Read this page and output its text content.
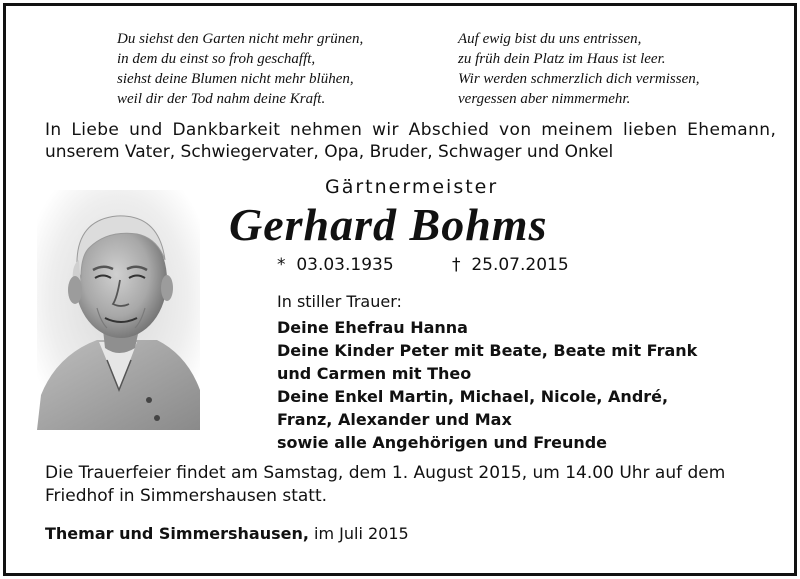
Du siehst den Garten nicht mehr grünen,
in dem du einst so froh geschafft,
siehst deine Blumen nicht mehr blühen,
weil dir der Tod nahm deine Kraft.
Auf ewig bist du uns entrissen,
zu früh dein Platz im Haus ist leer.
Wir werden schmerzlich dich vermissen,
vergessen aber nimmermehr.
In Liebe und Dankbarkeit nehmen wir Abschied von meinem lieben Ehemann,
unserem Vater, Schwiegervater, Opa, Bruder, Schwager und Onkel
Gärtnermeister
Gerhard Bohms
* 03.03.1935	† 25.07.2015
In stiller Trauer:
Deine Ehefrau Hanna
Deine Kinder Peter mit Beate, Beate mit Frank
und Carmen mit Theo
Deine Enkel Martin, Michael, Nicole, André,
Franz, Alexander und Max
sowie alle Angehörigen und Freunde
Die Trauerfeier findet am Samstag, dem 1. August 2015, um 14.00 Uhr auf dem
Friedhof in Simmershausen statt.
Themar und Simmershausen, im Juli 2015
